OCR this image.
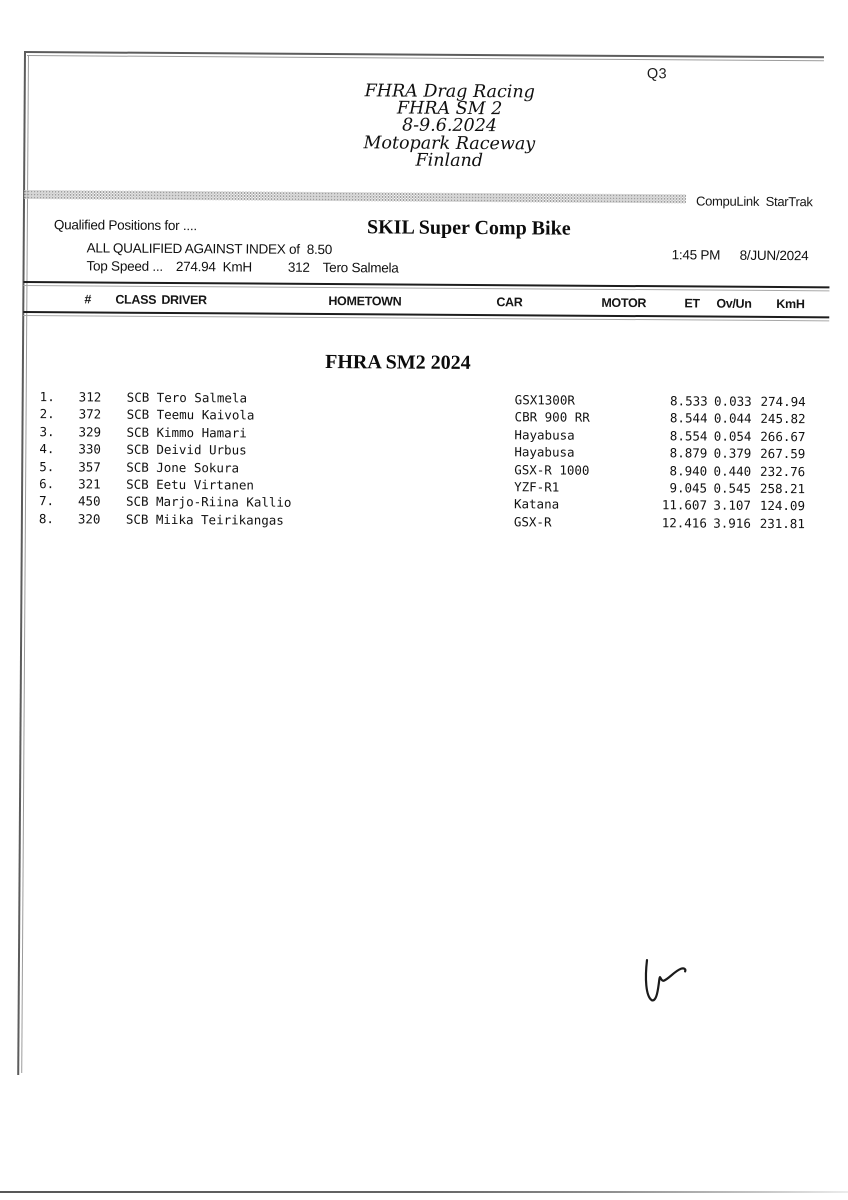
Q3
FHRA Drag Racing
FHRA SM 2
8-9.6.2024
Motopark Raceway
Finland
CompuLink  StarTrak
Qualified Positions for ....	SKIL Super Comp Bike
ALL QUALIFIED AGAINST INDEX of  8.50	1:45 PM 8/JUN/2024
Top Speed ... 274.94  KmH	312 Tero Salmela
# CLASS DRIVER	HOMETOWN	CAR	MOTOR	ET Ov/Un KmH
FHRA SM2 2024
1. 312 SCB Tero Salmela	GSX1300R	8.533 0.033 274.94
2. 372 SCB Teemu Kaivola	CBR 900 RR	8.544 0.044 245.82
3. 329 SCB Kimmo Hamari	Hayabusa	8.554 0.054 266.67
4. 330 SCB Deivid Urbus	Hayabusa	8.879 0.379 267.59
5. 357 SCB Jone Sokura	GSX-R 1000	8.940 0.440 232.76
6. 321 SCB Eetu Virtanen	YZF-R1	9.045 0.545 258.21
7. 450 SCB Marjo-Riina Kallio	Katana	11.607 3.107 124.09
8. 320 SCB Miika Teirikangas	GSX-R	12.416 3.916 231.81
